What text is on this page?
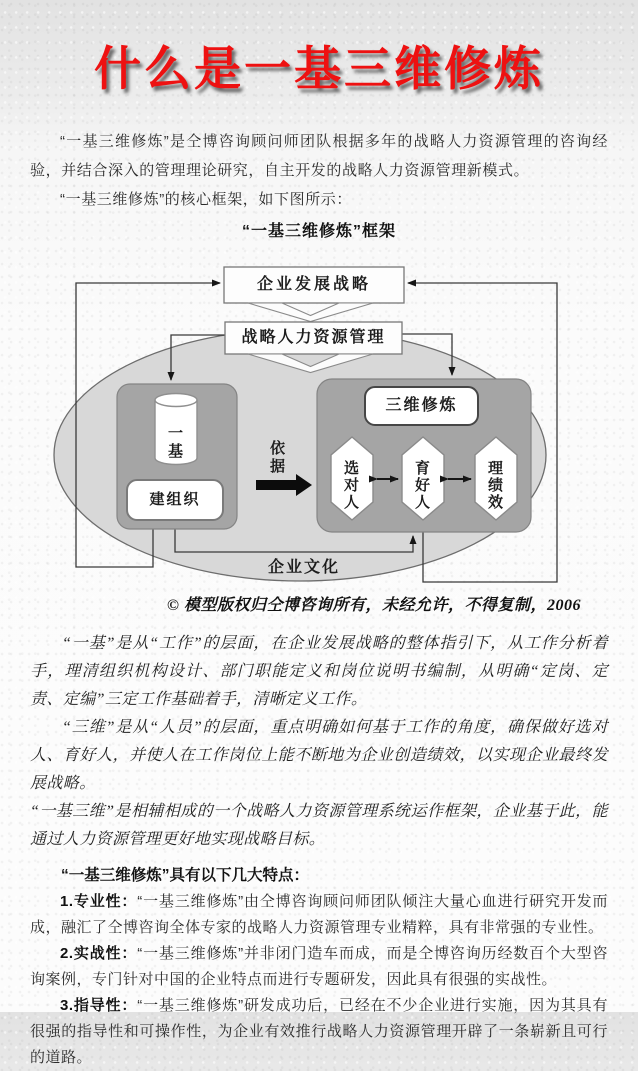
什么是一基三维修炼

“一基三维修炼”是仝博咨询顾问师团队根据多年的战略人力资源管理的咨询经验，并结合深入的管理理论研究，自主开发的战略人力资源管理新模式。

“一基三维修炼”的核心框架，如下图所示：

“一基三维修炼”框架
企业发展战略
战略人力资源管理
一基
建组织
依据
三维修炼
选对人	育好人	理绩效
企业文化
© 模型版权归仝博咨询所有，未经允许，不得复制，2006

“一基”是从“工作”的层面，在企业发展战略的整体指引下，从工作分析着手，理清组织机构设计、部门职能定义和岗位说明书编制，从明确“定岗、定责、定编”三定工作基础着手，清晰定义工作。

“三维”是从“人员”的层面，重点明确如何基于工作的角度，确保做好选对人、育好人，并使人在工作岗位上能不断地为企业创造绩效，以实现企业最终发展战略。

“一基三维”是相辅相成的一个战略人力资源管理系统运作框架，企业基于此，能通过人力资源管理更好地实现战略目标。

“一基三维修炼”具有以下几大特点：

1.专业性：“一基三维修炼”由仝博咨询顾问师团队倾注大量心血进行研究开发而成，融汇了仝博咨询全体专家的战略人力资源管理专业精粹，具有非常强的专业性。

2.实战性：“一基三维修炼”并非闭门造车而成，而是仝博咨询历经数百个大型咨询案例，专门针对中国的企业特点而进行专题研发，因此具有很强的实战性。

3.指导性：“一基三维修炼”研发成功后，已经在不少企业进行实施，因为其具有很强的指导性和可操作性，为企业有效推行战略人力资源管理开辟了一条崭新且可行的道路。
